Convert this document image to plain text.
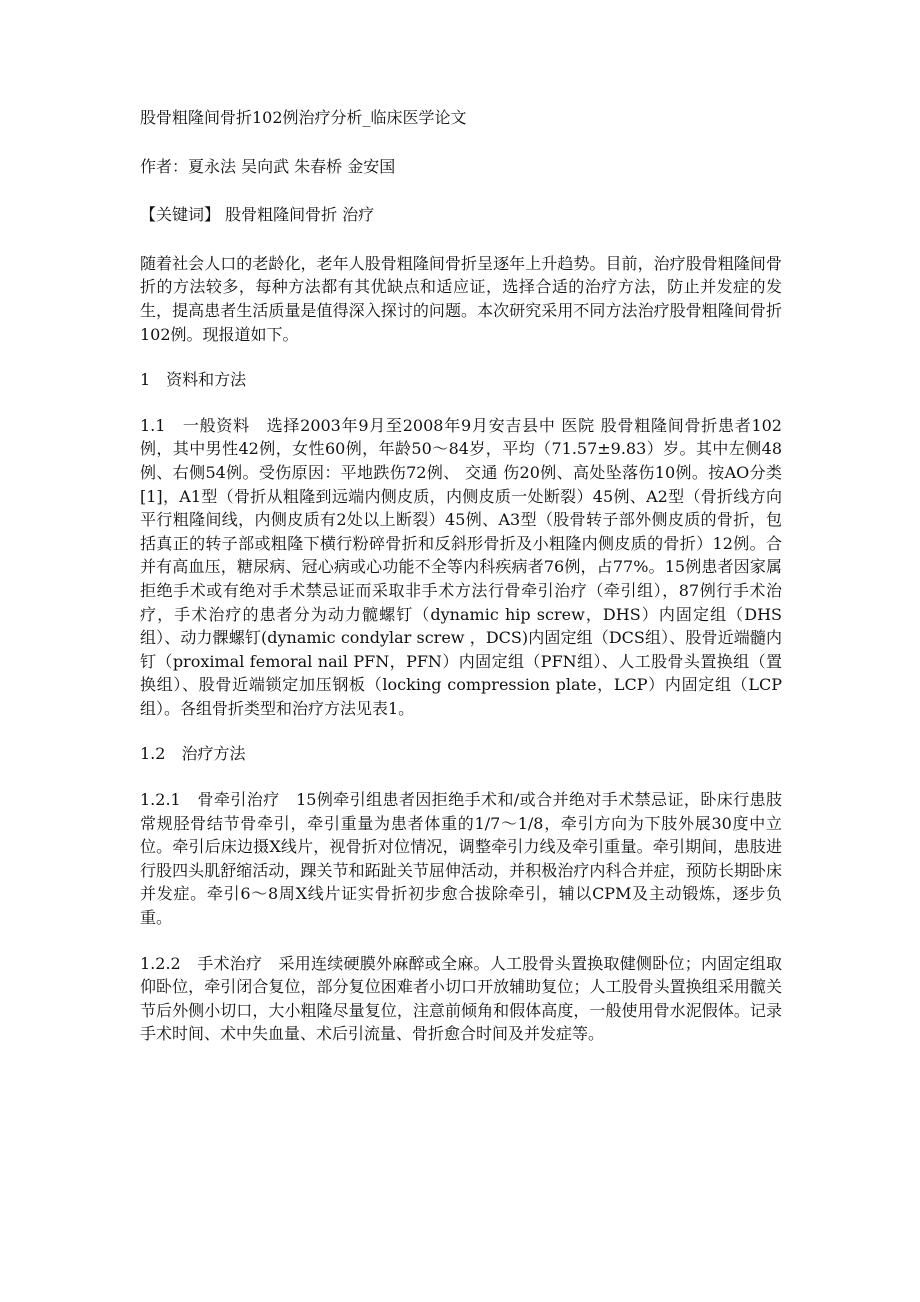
股骨粗隆间骨折102例治疗分析_临床医学论文

作者：夏永法 吴向武 朱春桥 金安国

【关键词】 股骨粗隆间骨折 治疗

随着社会人口的老龄化，老年人股骨粗隆间骨折呈逐年上升趋势。目前，治疗股骨粗隆间骨折的方法较多，每种方法都有其优缺点和适应证，选择合适的治疗方法，防止并发症的发生，提高患者生活质量是值得深入探讨的问题。本次研究采用不同方法治疗股骨粗隆间骨折102例。现报道如下。

1　资料和方法

1.1　一般资料　选择2003年9月至2008年9月安吉县中 医院 股骨粗隆间骨折患者102例，其中男性42例，女性60例，年龄50～84岁，平均（71.57±9.83）岁。其中左侧48例、右侧54例。受伤原因：平地跌伤72例、 交通 伤20例、高处坠落伤10例。按AO分类[1]，A1型（骨折从粗隆到远端内侧皮质，内侧皮质一处断裂）45例、A2型（骨折线方向平行粗隆间线，内侧皮质有2处以上断裂）45例、A3型（股骨转子部外侧皮质的骨折，包括真正的转子部或粗隆下横行粉碎骨折和反斜形骨折及小粗隆内侧皮质的骨折）12例。合并有高血压，糖尿病、冠心病或心功能不全等内科疾病者76例，占77%。15例患者因家属拒绝手术或有绝对手术禁忌证而采取非手术方法行骨牵引治疗（牵引组），87例行手术治疗，手术治疗的患者分为动力髋螺钉（dynamic hip screw，DHS）内固定组（DHS组）、动力髁螺钉(dynamic condylar screw ，DCS)内固定组（DCS组）、股骨近端髓内钉（proximal femoral nail PFN，PFN）内固定组（PFN组）、人工股骨头置换组（置换组）、股骨近端锁定加压钢板（locking compression plate，LCP）内固定组（LCP组）。各组骨折类型和治疗方法见表1。

1.2　治疗方法

1.2.1　骨牵引治疗　15例牵引组患者因拒绝手术和/或合并绝对手术禁忌证，卧床行患肢常规胫骨结节骨牵引，牵引重量为患者体重的1/7～1/8，牵引方向为下肢外展30度中立位。牵引后床边摄X线片，视骨折对位情况，调整牵引力线及牵引重量。牵引期间，患肢进行股四头肌舒缩活动，踝关节和跖趾关节屈伸活动，并积极治疗内科合并症，预防长期卧床并发症。牵引6～8周X线片证实骨折初步愈合拔除牵引，辅以CPM及主动锻炼，逐步负重。

1.2.2　手术治疗　采用连续硬膜外麻醉或全麻。人工股骨头置换取健侧卧位；内固定组取仰卧位，牵引闭合复位，部分复位困难者小切口开放辅助复位；人工股骨头置换组采用髋关节后外侧小切口，大小粗隆尽量复位，注意前倾角和假体高度，一般使用骨水泥假体。记录手术时间、术中失血量、术后引流量、骨折愈合时间及并发症等。
